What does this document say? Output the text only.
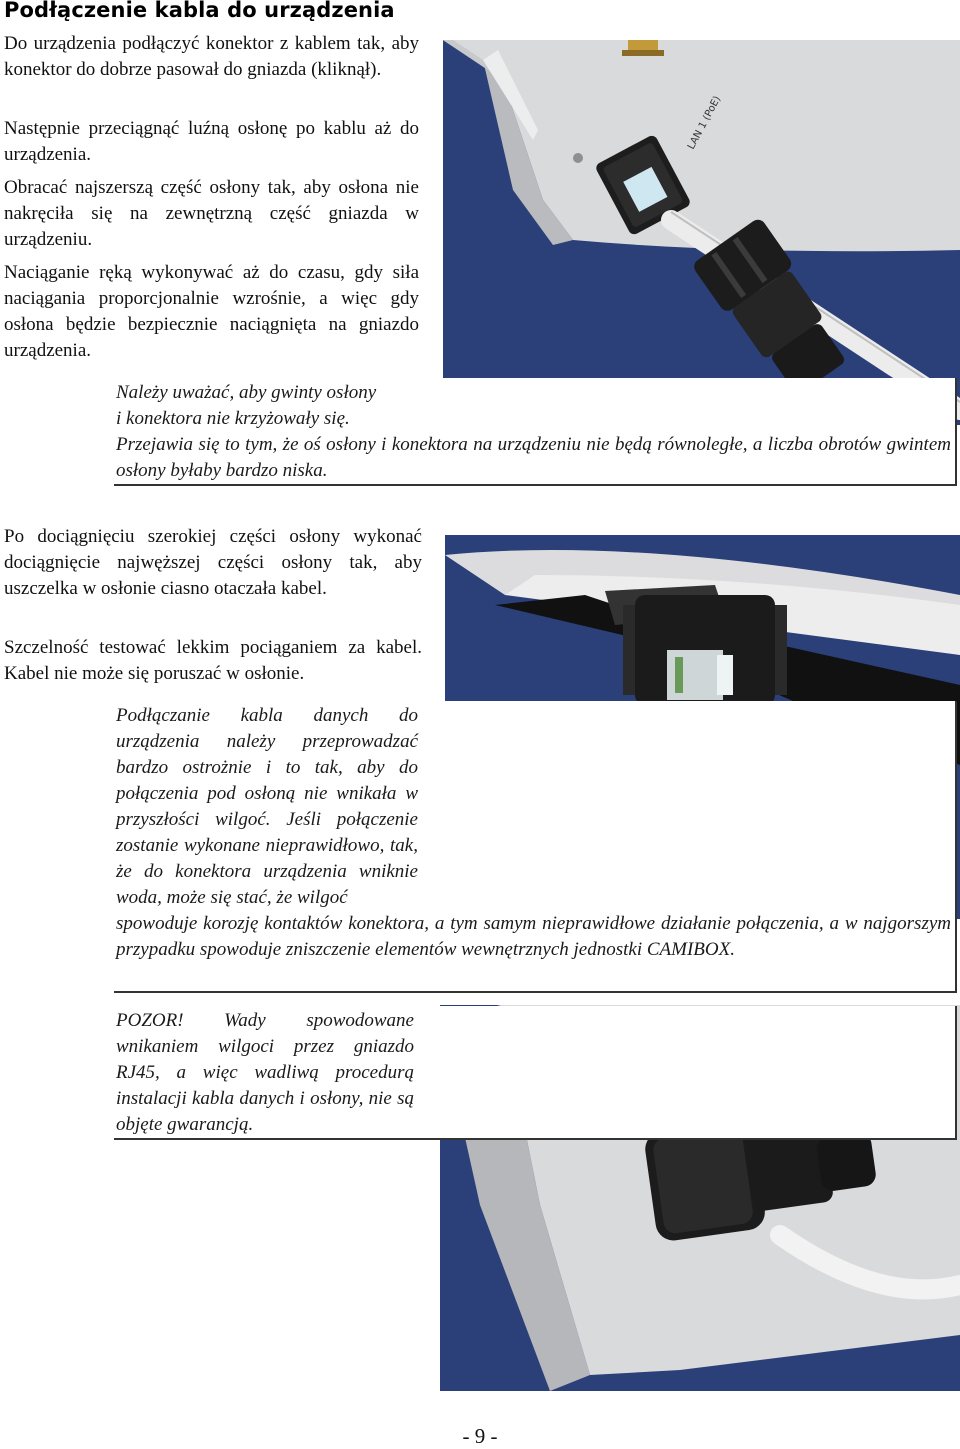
Podłączenie kabla do urządzenia
LAN 1 (PoE)

Do urządzenia podłączyć konektor z kablem tak, aby konektor do dobrze pasował do gniazda (kliknął).

Następnie przeciągnąć luźną osłonę po kablu aż do urządzenia.

Obracać najszerszą część osłony tak, aby osłona nie nakręciła się na zewnętrzną część gniazda w urządzeniu.

Naciąganie ręką wykonywać aż do czasu, gdy siła naciągania proporcjonalnie wzrośnie, a więc gdy osłona będzie bezpiecznie naciągnięta na gniazdo urządzenia.

Należy uważać, aby gwinty osłony

i konektora nie krzyżowały się.

Przejawia się to tym, że oś osłony i konektora na urządzeniu nie będą równoległe, a liczba obrotów gwintem osłony byłaby bardzo niska.

Po dociągnięciu szerokiej części osłony wykonać dociągnięcie najwęższej części osłony tak, aby uszczelka w osłonie ciasno otaczała kabel.

Szczelność testować lekkim pociąganiem za kabel. Kabel nie może się poruszać w osłonie.

Podłączanie kabla danych do urządzenia należy przeprowadzać bardzo ostrożnie i to tak, aby do połączenia pod osłoną nie wnikała w przyszłości wilgoć. Jeśli połączenie zostanie wykonane nieprawidłowo, tak, że do konektora urządzenia wniknie woda, może się stać, że wilgoć

spowoduje korozję kontaktów konektora, a tym samym nieprawidłowe działanie połączenia, a w najgorszym przypadku spowoduje zniszczenie elementów wewnętrznych jednostki CAMIBOX.

POZOR! Wady spowodowane wnikaniem wilgoci przez gniazdo RJ45, a więc wadliwą procedurą instalacji kabla danych i osłony, nie są objęte gwarancją.

- 9 -
